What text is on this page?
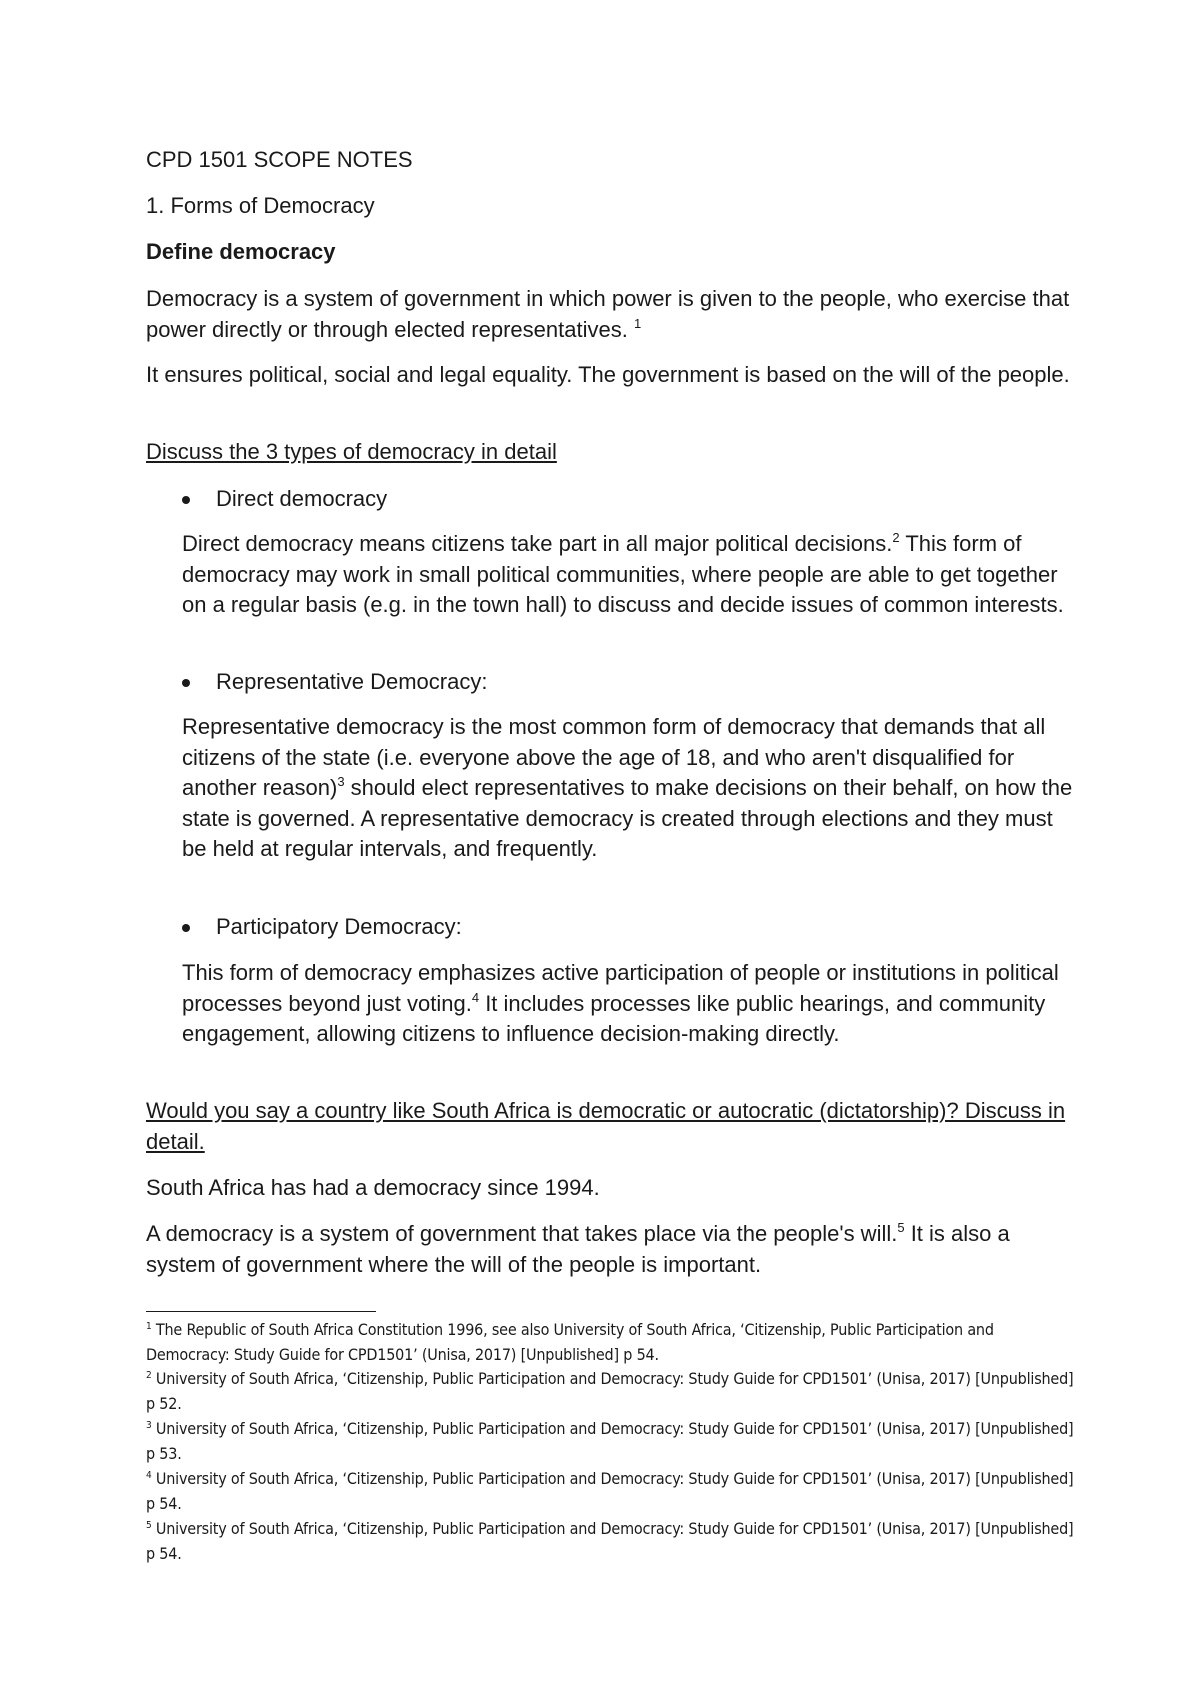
CPD 1501 SCOPE NOTES

1. Forms of Democracy

Define democracy

Democracy is a system of government in which power is given to the people, who exercise that power directly or through elected representatives. $^1$

It ensures political, social and legal equality. The government is based on the will of the people.

Discuss the 3 types of democracy in detail

Direct democracy

Direct democracy means citizens take part in all major political decisions.$^2$ This form of democracy may work in small political communities, where people are able to get together on a regular basis (e.g. in the town hall) to discuss and decide issues of common interests.

Representative Democracy:

Representative democracy is the most common form of democracy that demands that all citizens of the state (i.e. everyone above the age of 18, and who aren't disqualified for another reason)$^3$ should elect representatives to make decisions on their behalf, on how the state is governed. A representative democracy is created through elections and they must be held at regular intervals, and frequently.

Participatory Democracy:

This form of democracy emphasizes active participation of people or institutions in political processes beyond just voting.$^4$ It includes processes like public hearings, and community engagement, allowing citizens to influence decision-making directly.

Would you say a country like South Africa is democratic or autocratic (dictatorship)? Discuss in detail.

South Africa has had a democracy since 1994.

A democracy is a system of government that takes place via the people's will.$^5$ It is also a system of government where the will of the people is important.

$^1$ The Republic of South Africa Constitution 1996, see also University of South Africa, ‘Citizenship, Public Participation and Democracy: Study Guide for CPD1501’ (Unisa, 2017) [Unpublished] p 54.
$^2$ University of South Africa, ‘Citizenship, Public Participation and Democracy: Study Guide for CPD1501’ (Unisa, 2017) [Unpublished] p 52.
$^3$ University of South Africa, ‘Citizenship, Public Participation and Democracy: Study Guide for CPD1501’ (Unisa, 2017) [Unpublished] p 53.
$^4$ University of South Africa, ‘Citizenship, Public Participation and Democracy: Study Guide for CPD1501’ (Unisa, 2017) [Unpublished] p 54.
$^5$ University of South Africa, ‘Citizenship, Public Participation and Democracy: Study Guide for CPD1501’ (Unisa, 2017) [Unpublished] p 54.
